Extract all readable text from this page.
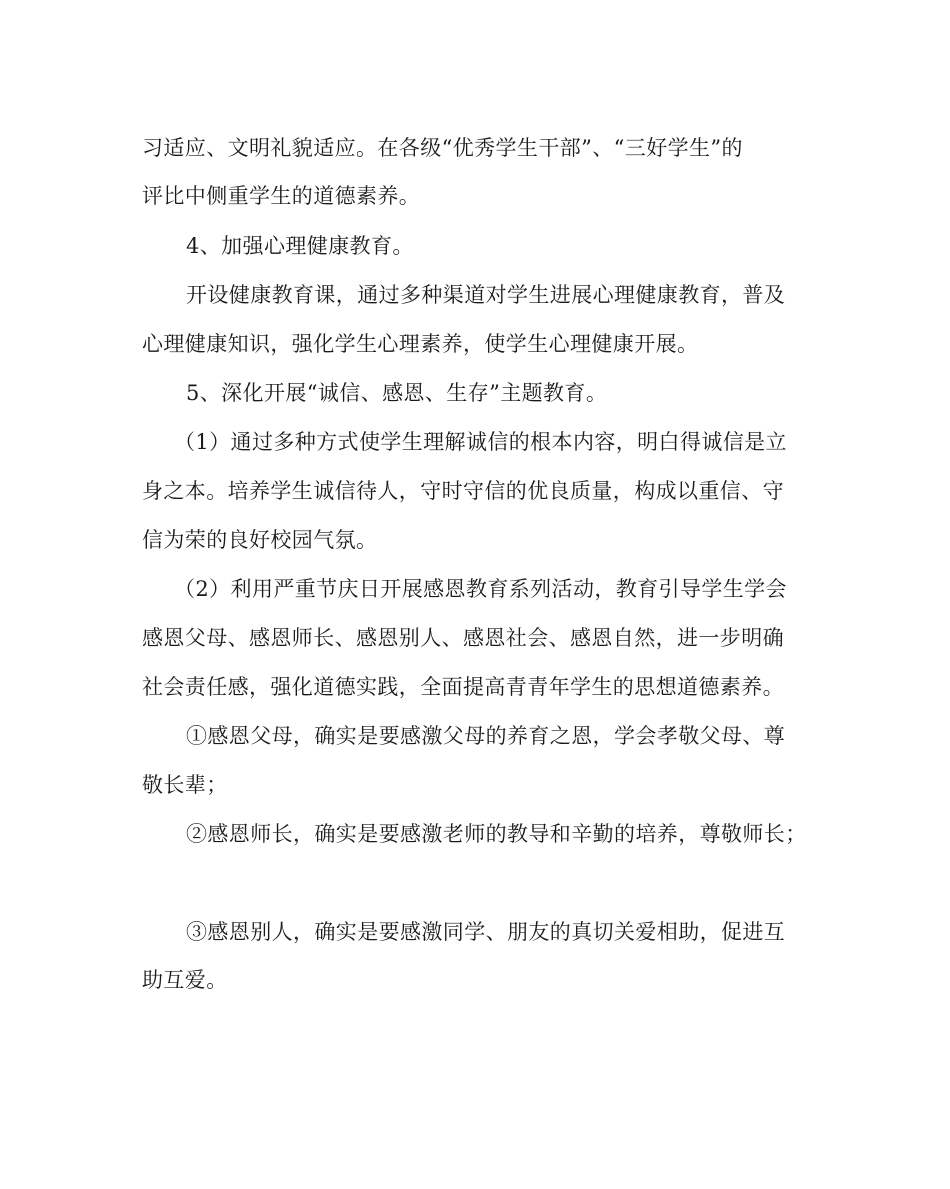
习适应、文明礼貌适应。在各级“优秀学生干部”、“三好学生”的
评比中侧重学生的道德素养。
4、加强心理健康教育。
开设健康教育课，通过多种渠道对学生进展心理健康教育，普及
心理健康知识，强化学生心理素养，使学生心理健康开展。
5、深化开展“诚信、感恩、生存”主题教育。
（1）通过多种方式使学生理解诚信的根本内容，明白得诚信是立
身之本。培养学生诚信待人，守时守信的优良质量，构成以重信、守
信为荣的良好校园气氛。
（2）利用严重节庆日开展感恩教育系列活动，教育引导学生学会
感恩父母、感恩师长、感恩别人、感恩社会、感恩自然，进一步明确
社会责任感，强化道德实践，全面提高青青年学生的思想道德素养。
①感恩父母，确实是要感激父母的养育之恩，学会孝敬父母、尊
敬长辈；
②感恩师长，确实是要感激老师的教导和辛勤的培养，尊敬师长；
③感恩别人，确实是要感激同学、朋友的真切关爱相助，促进互
助互爱。
